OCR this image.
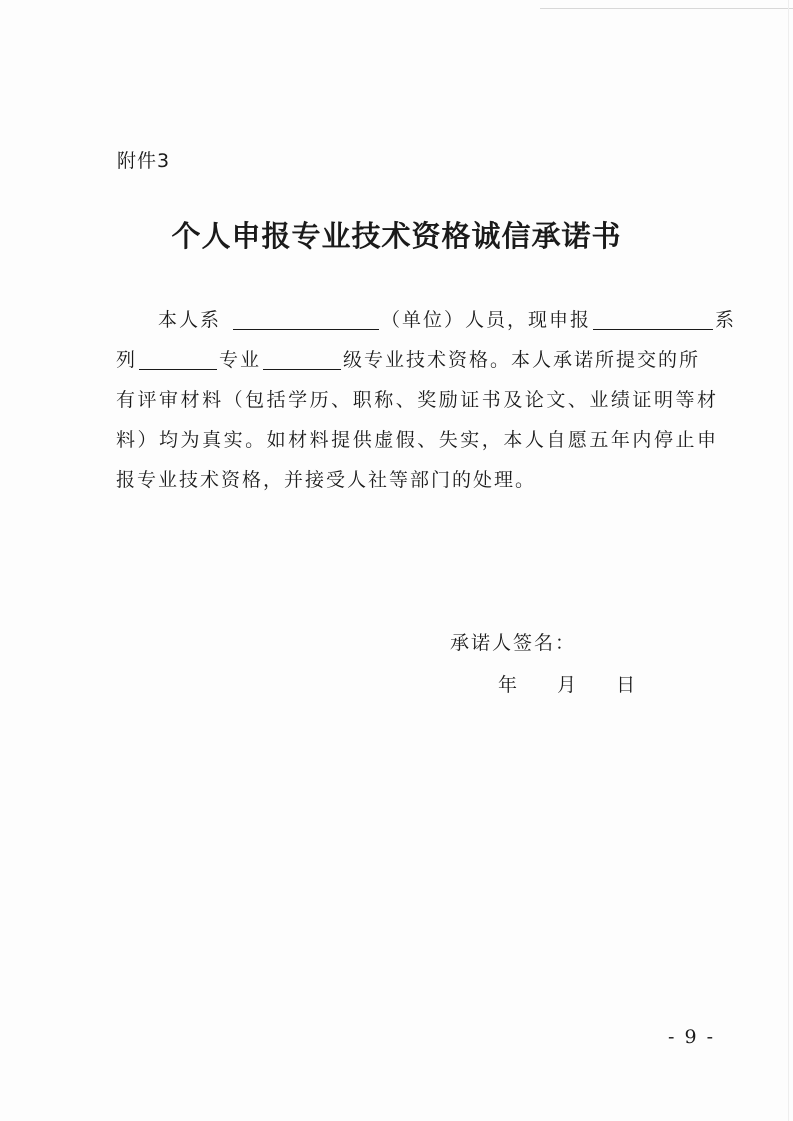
附件3
个人申报专业技术资格诚信承诺书
本人系	（单位）人员，现申报	系
列	专业	级专业技术资格。本人承诺所提交的所
有评审材料（包括学历、职称、奖励证书及论文、业绩证明等材
料）均为真实。如材料提供虚假、失实，本人自愿五年内停止申
报专业技术资格，并接受人社等部门的处理。
承诺人签名：
年 月 日
- 9 -
